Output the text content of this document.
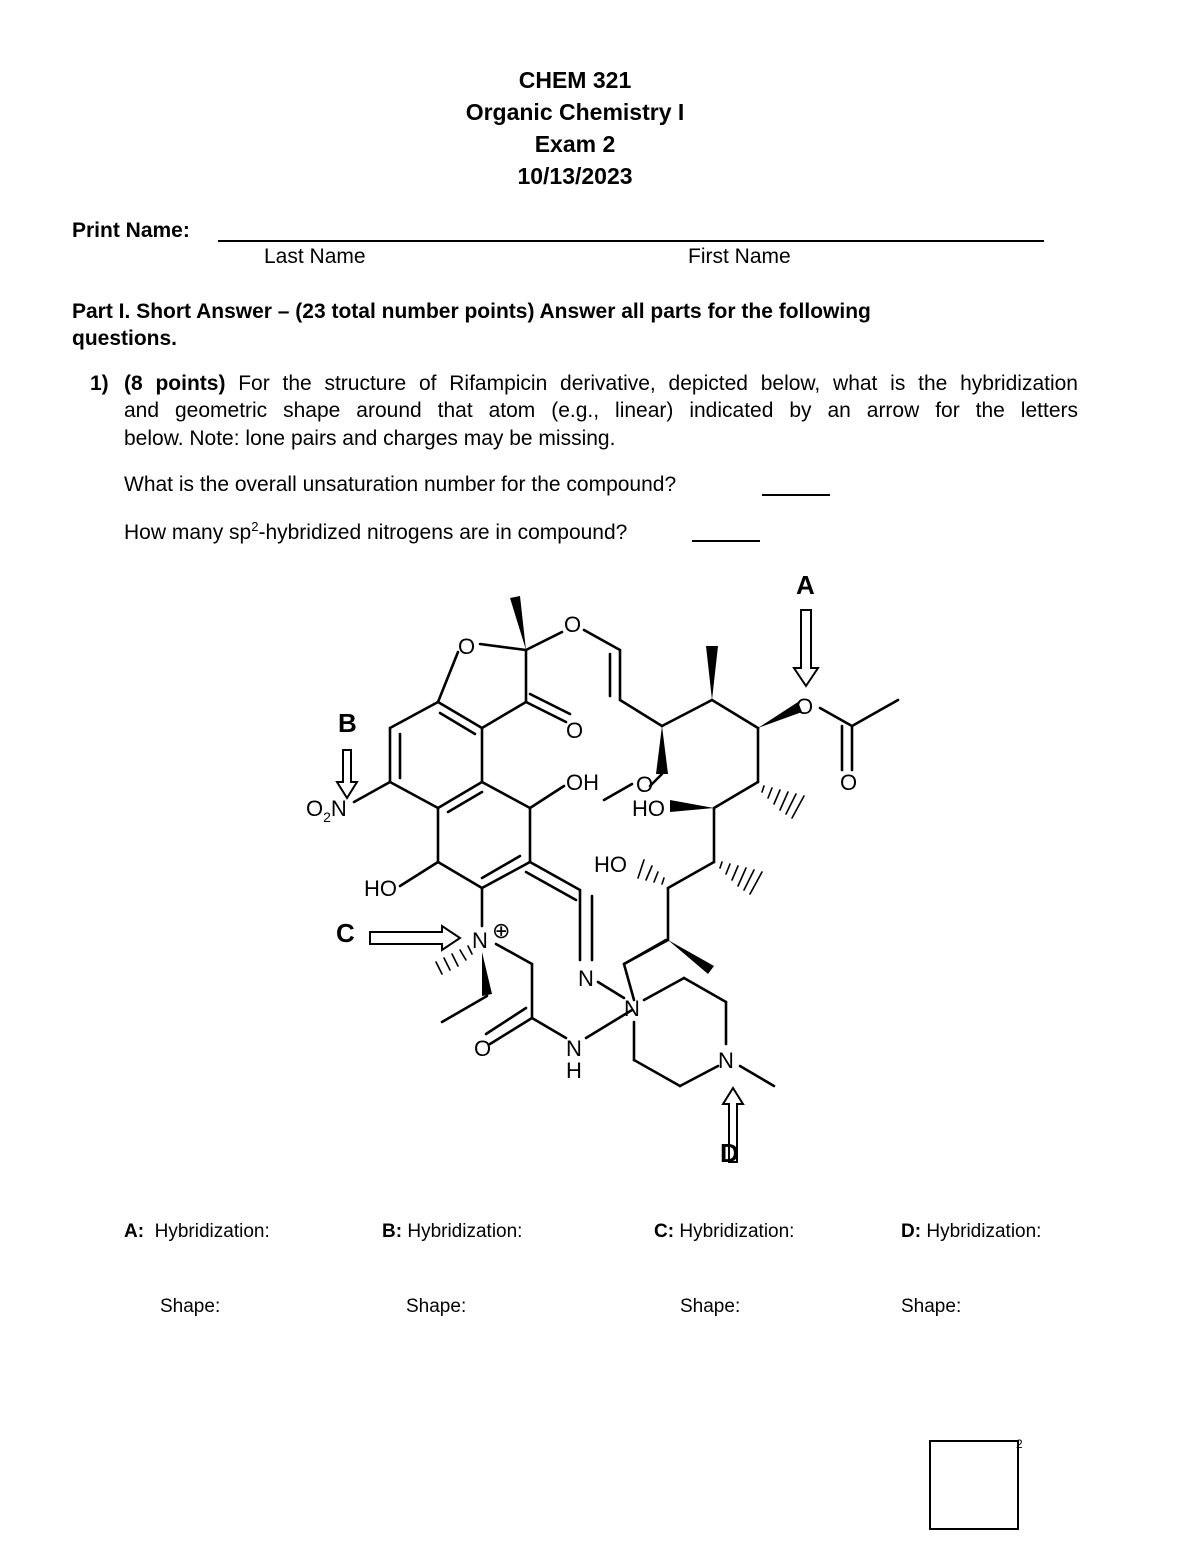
CHEM 321
Organic Chemistry I
Exam 2
10/13/2023
Print Name:
Last Name	First Name
Part I. Short Answer – (23 total number points) Answer all parts for the following
questions.
1) (8 points) For the structure of Rifampicin derivative, depicted below, what is the hybridization
and geometric shape around that atom (e.g., linear) indicated by an arrow for the letters
below. Note: lone pairs and charges may be missing.
What is the overall unsaturation number for the compound?
How many $sp^2$-hybridized nitrogens are in compound?
A
B
C
D
O
O
O
OH
$O_2N$
HO
N ⊕
O	N
H
N
N
N
O
O
O
HO
HO
A: Hybridization:	B: Hybridization:	C: Hybridization:	D: Hybridization:
Shape:	Shape:	Shape:	Shape:
2
